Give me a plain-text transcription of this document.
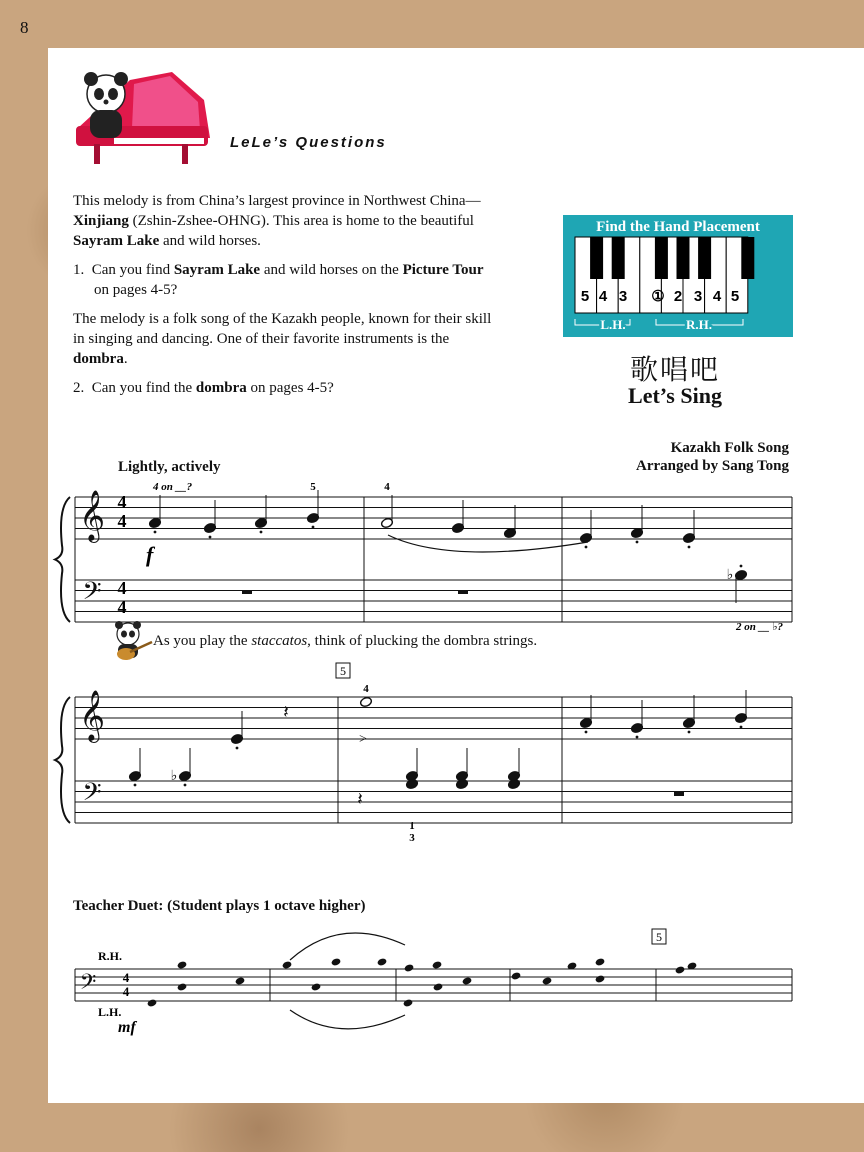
8
LeLe’s Questions

This melody is from China’s largest province in Northwest China—Xinjiang (Zshin-Zshee-OHNG). This area is home to the beautiful Sayram Lake and wild horses.

1. Can you find Sayram Lake and wild horses on the Picture Tour on pages 4-5?

The melody is a folk song of the Kazakh people, known for their skill in singing and dancing. One of their favorite instruments is the dombra.

2. Can you find the dombra on pages 4-5?

Find the Hand Placement
2
5 4 3 ① 2 3 4 5
L.H.	R.H.
歌唱吧
Let’s Sing
Kazakh Folk Song
Arranged by Sang Tong
Lightly, actively
𝄞
𝄢
𝄞
𝄢
𝄢
♭
𝄽
>
♭
𝄽
4 on __?	5	4
f
2 on __ ♭?
4
4
4
4
5
4
1
3
R.H.
L.H.
mf
5
4
4
As you play the staccatos, think of plucking the dombra strings.
Teacher Duet: (Student plays 1 octave higher)
